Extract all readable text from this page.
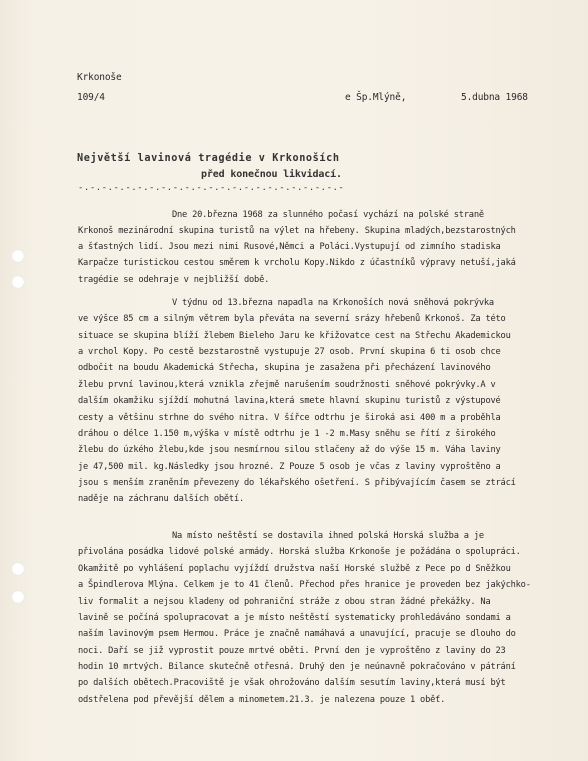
Krkonoše
109/4	e Šp.Mlýně,	5.dubna 1968
Největší lavinová tragédie v Krkonoších
před konečnou likvidací.
-.-.-.-.-.-.-.-.-.-.-.-.-.-.-.-.-.-.-.-.-.-.-
Dne 20.března 1968 za slunného počasí vychází na polské straně
Krkonoš mezinárodní skupina turistů na výlet na hřebeny. Skupina mladých,bezstarostných
a šťastných lidí. Jsou mezi nimi Rusové,Němci a Poláci.Vystupují od zimního stadiska
Karpačze turistickou cestou směrem k vrcholu Kopy.Nikdo z účastníků výpravy netuší,jaká
tragédie se odehraje v nejbližší době.
V týdnu od 13.března napadla na Krkonoších nová sněhová pokrývka
ve výšce 85 cm a silným větrem byla převáta na severní srázy hřebenů Krkonoš. Za této
situace se skupina blíží žlebem Bieleho Jaru ke křižovatce cest na Střechu Akademickou
a vrchol Kopy. Po cestě bezstarostně vystupuje 27 osob. První skupina 6 ti osob chce
odbočit na boudu Akademická Střecha, skupina je zasažena při přecházení lavinového
žlebu první lavinou,která vznikla zřejmě narušením soudržnosti sněhové pokrývky.A v
dalším okamžiku sjíždí mohutná lavina,která smete hlavní skupinu turistů z výstupové
cesty a většinu strhne do svého nitra. V šířce odtrhu je široká asi 400 m a proběhla
dráhou o délce 1.150 m,výška v místě odtrhu je 1 -2 m.Masy sněhu se řítí z širokého
žlebu do úzkého žlebu,kde jsou nesmírnou silou stlačeny až do výše 15 m. Váha laviny
je 47,500 mil. kg.Následky jsou hrozné. Z Pouze 5 osob je včas z laviny vyproštěno a
jsou s menším zraněním převezeny do lékařského ošetření. S přibývajícím časem se ztrácí
naděje na záchranu dalších obětí.
Na místo neštěstí se dostavila ihned polská Horská služba a je
přivolána posádka lidové polské armády. Horská služba Krkonoše je požádána o spolupráci.
Okamžitě po vyhlášení poplachu vyjíždí družstva naší Horské službě z Pece po d Sněžkou
a Špindlerova Mlýna. Celkem je to 41 členů. Přechod přes hranice je proveden bez jakýchko-
liv formalit a nejsou kladeny od pohraniční stráže z obou stran žádné překážky. Na
lavině se počíná spolupracovat a je místo neštěstí systematicky prohledáváno sondami a
naším lavinovým psem Hermou. Práce je značně namáhavá a unavující, pracuje se dlouho do
noci. Daří se již vyprostit pouze mrtvé oběti. První den je vyproštěno z laviny do 23
hodin 10 mrtvých. Bilance skutečně otřesná. Druhý den je neúnavně pokračováno v pátrání
po dalších obětech.Pracoviště je však ohrožováno dalším sesutím laviny,která musí být
odstřelena pod převější dělem a minometem.21.3. je nalezena pouze 1 oběť.
